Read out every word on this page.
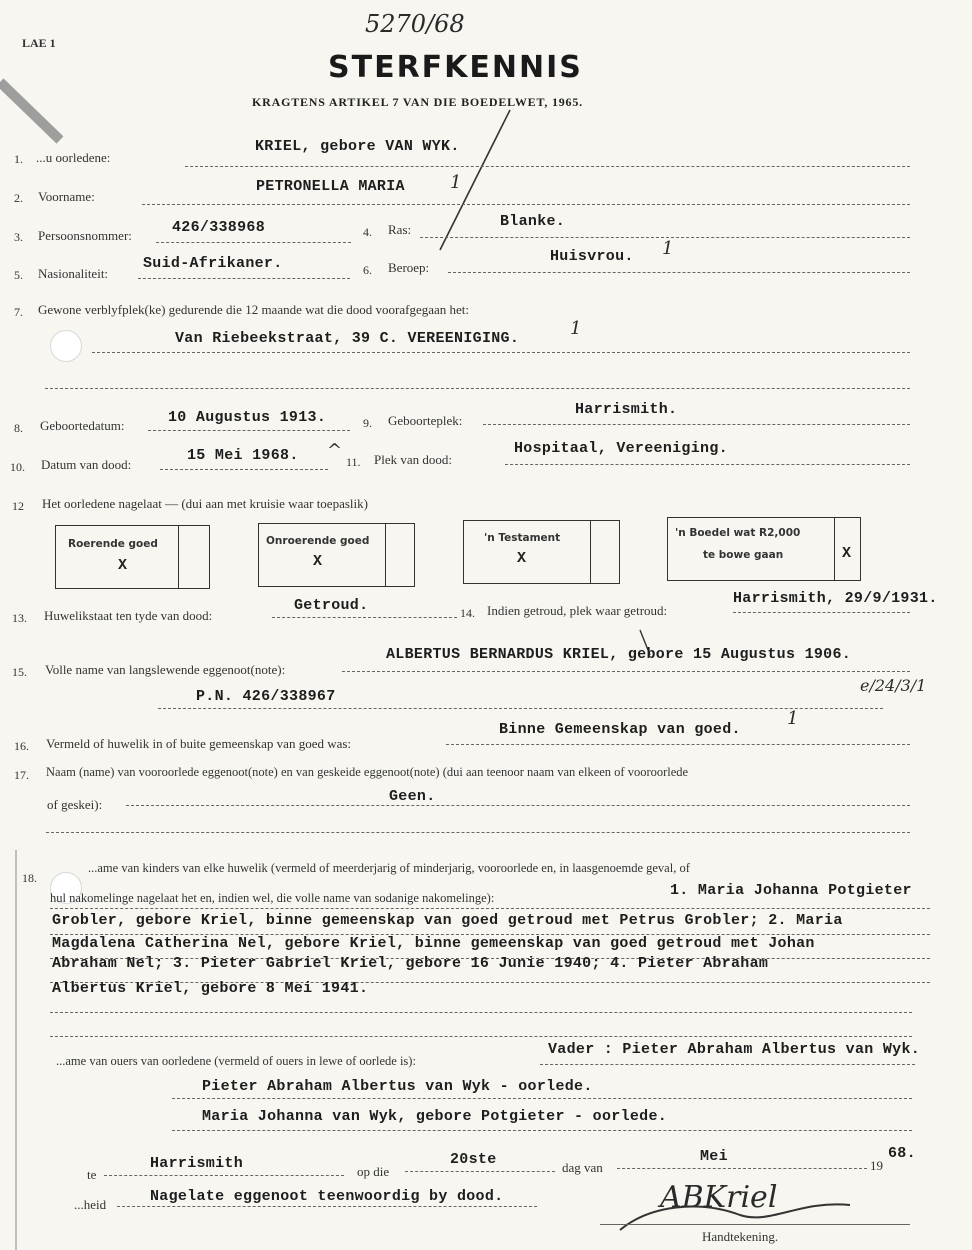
LAE 1
5270/68
STERFKENNIS
KRAGTENS ARTIKEL 7 VAN DIE BOEDELWET, 1965.
1. ...u oorledene:
KRIEL, gebore VAN WYK.
2. Voorname:
PETRONELLA MARIA	1
3. Persoonsnommer:	426/338968	4. Ras:	Blanke.
5. Nasionaliteit:
Suid-Afrikaner.	6. Beroep:
Huisvrou. 1
7. Gewone verblyfplek(ke) gedurende die 12 maande wat die dood voorafgegaan het:
Van Riebeekstraat, 39 C. VEREENIGING.	1
8. Geboortedatum:	10 Augustus 1913.	9. Geboorteplek:
Harrismith.
10. Datum van dood:
15 Mei 1968. ^
11. Plek van dood:
Hospitaal, Vereeniging.
12 Het oorledene nagelaat — (dui aan met kruisie waar toepaslik)
Roerende goed
X
Onroerende goed
X
'n Testament
X
'n Boedel wat R2,000
te bowe gaan	X
13. Huwelikstaat ten tyde van dood:
Getroud.	14. Indien getroud, plek waar getroud:
Harrismith, 29/9/1931.
15. Volle name van langslewende eggenoot(note):
ALBERTUS BERNARDUS KRIEL, gebore 15 Augustus 1906.
P.N. 426/338967
e/24/3/1
16. Vermeld of huwelik in of buite gemeenskap van goed was:
Binne Gemeenskap van goed.
1
17. Naam (name) van vooroorlede eggenoot(note) en van geskeide eggenoot(note) (dui aan teenoor naam van elkeen of vooroorlede
of geskei):	Geen.
18.
...ame van kinders van elke huwelik (vermeld of meerderjarig of minderjarig, vooroorlede en, in laasgenoemde geval, of
hul nakomelinge nagelaat het en, indien wel, die volle name van sodanige nakomelinge):	1. Maria Johanna Potgieter
Grobler, gebore Kriel, binne gemeenskap van goed getroud met Petrus Grobler; 2. Maria
Magdalena Catherina Nel, gebore Kriel, binne gemeenskap van goed getroud met Johan
Abraham Nel; 3. Pieter Gabriel Kriel, gebore 16 Junie 1940; 4. Pieter Abraham
Albertus Kriel, gebore 8 Mei 1941.
...ame van ouers van oorledene (vermeld of ouers in lewe of oorlede is):
Vader : Pieter Abraham Albertus van Wyk.
Pieter Abraham Albertus van Wyk - oorlede.
Maria Johanna van Wyk, gebore Potgieter - oorlede.
te
Harrismith	op die
20ste	dag van
Mei
19
68.
...heid	Nagelate eggenoot teenwoordig by dood.	ABKriel
Handtekening.
